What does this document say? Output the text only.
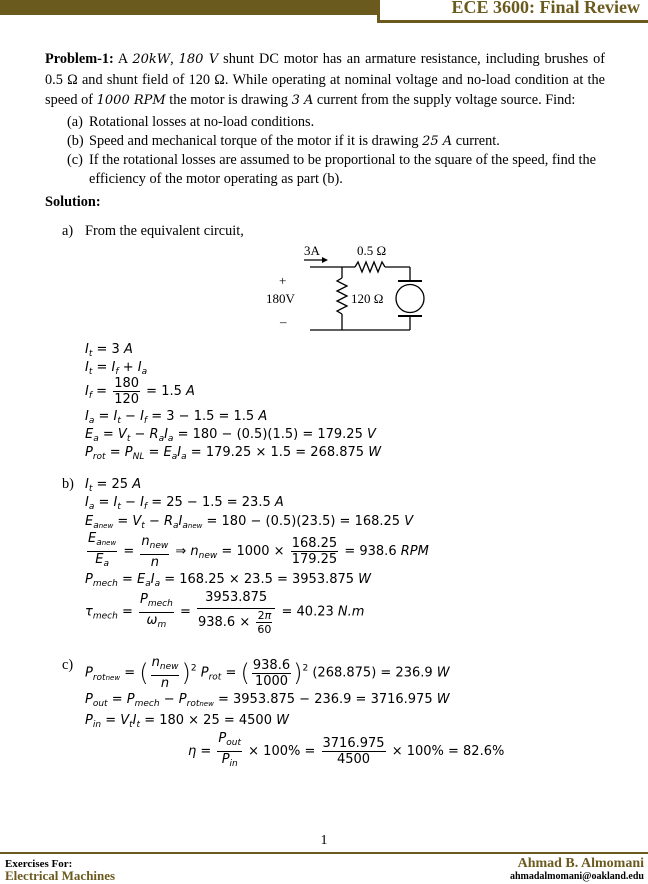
ECE 3600: Final Review
Problem-1: A 20kW, 180 V shunt DC motor has an armature resistance, including brushes of 0.5 Ω and shunt field of 120 Ω. While operating at nominal voltage and no-load condition at the speed of 1000 RPM the motor is drawing 3 A current from the supply voltage source. Find:
(a) Rotational losses at no-load conditions.
(b) Speed and mechanical torque of the motor if it is drawing 25 A current.
(c) If the rotational losses are assumed to be proportional to the square of the speed, find the efficiency of the motor operating as part (b).
Solution:
a) From the equivalent circuit,
3A	0.5 Ω
+
180V
–
120 Ω
$I_t = 3$ A
$I_t = I_f + I_a$
$I_f = \frac{180}{120} = 1.5$ A
$I_a = I_t - I_f = 3 - 1.5 = 1.5$ A
$E_a = V_t - R_aI_a = 180 - (0.5)(1.5) = 179.25$ V
$P_{rot} = P_{NL} = E_aI_a = 179.25 \times 1.5 = 268.875$ W
b) $I_t = 25$ A
$I_a = I_t - I_f = 25 - 1.5 = 23.5$ A
$E_{anew} = V_t - R_aI_{anew} = 180 - (0.5)(23.5) = 168.25$ V
$\frac{E_{anew}}{E_a} = \frac{n_{new}}{n}$ ⇒ $n_{new} = 1000 \times \frac{168.25}{179.25} = 938.6$ RPM
$P_{mech} = E_aI_a = 168.25 \times 23.5 = 3953.875$ W
$\tau_{mech} = \frac{P_{mech}}{\omega_m} = \frac{3953.875}{938.6 \times \frac{2\pi}{60}} = 40.23$ N.m
c) $P_{rotnew}$ = ( $\frac{n_{new}}{n} )^2$ $P_{rot}$ = ( $\frac{938.6}{1000} )^2$ (268.875) = 236.9 W
$P_{out} = P_{mech} - P_{rotnew} = 3953.875 - 236.9 = 3716.975$ W
$P_{in} = V_tI_t = 180 \times 25 = 4500$ W
$\eta = \frac{P_{out}}{P_{in}} \times 100\% = \frac{3716.975}{4500} \times 100\% = 82.6\%$
1
Exercises For:
Electrical Machines
Ahmad B. Almomani
ahmadalmomani@oakland.edu
